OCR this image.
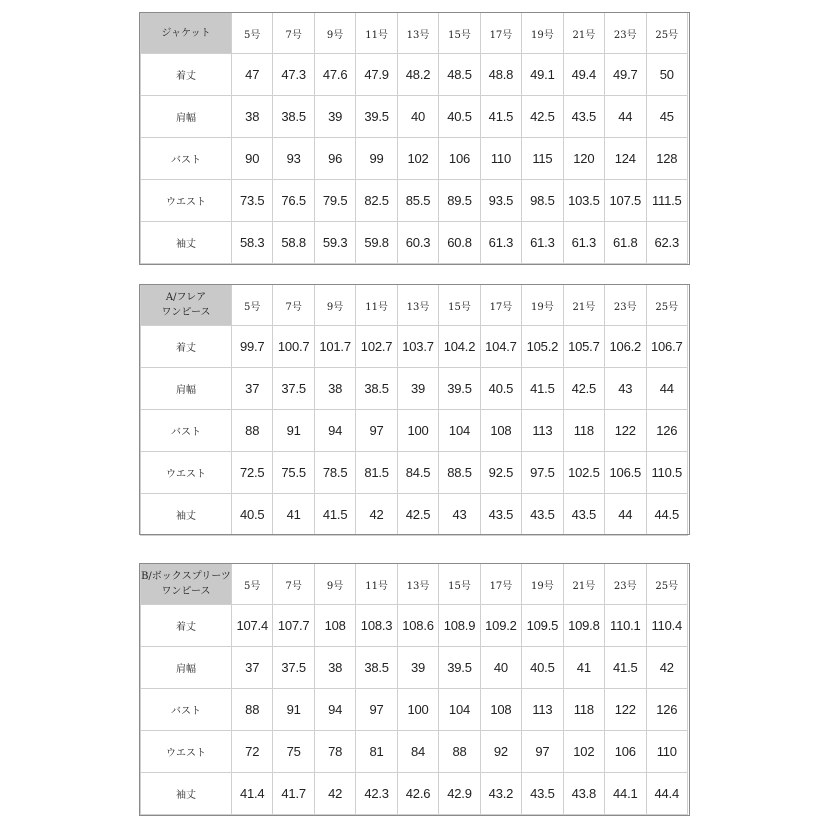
ジャケット	5号	7号	9号	11号	13号	15号	17号	19号	21号	23号	25号
着丈	47	47.3	47.6	47.9	48.2	48.5	48.8	49.1	49.4	49.7	50
肩幅	38	38.5	39	39.5	40	40.5	41.5	42.5	43.5	44	45
バスト	90	93	96	99	102	106	110	115	120	124	128
ウエスト	73.5	76.5	79.5	82.5	85.5	89.5	93.5	98.5	103.5	107.5	111.5
袖丈	58.3	58.8	59.3	59.8	60.3	60.8	61.3	61.3	61.3	61.8	62.3
A/フレア
ワンピース	5号	7号	9号	11号	13号	15号	17号	19号	21号	23号	25号
着丈	99.7	100.7	101.7	102.7	103.7	104.2	104.7	105.2	105.7	106.2	106.7
肩幅	37	37.5	38	38.5	39	39.5	40.5	41.5	42.5	43	44
バスト	88	91	94	97	100	104	108	113	118	122	126
ウエスト	72.5	75.5	78.5	81.5	84.5	88.5	92.5	97.5	102.5	106.5	110.5
袖丈	40.5	41	41.5	42	42.5	43	43.5	43.5	43.5	44	44.5
B/ボックスプリーツ
ワンピース	5号	7号	9号	11号	13号	15号	17号	19号	21号	23号	25号
着丈	107.4	107.7	108	108.3	108.6	108.9	109.2	109.5	109.8	110.1	110.4
肩幅	37	37.5	38	38.5	39	39.5	40	40.5	41	41.5	42
バスト	88	91	94	97	100	104	108	113	118	122	126
ウエスト	72	75	78	81	84	88	92	97	102	106	110
袖丈	41.4	41.7	42	42.3	42.6	42.9	43.2	43.5	43.8	44.1	44.4
